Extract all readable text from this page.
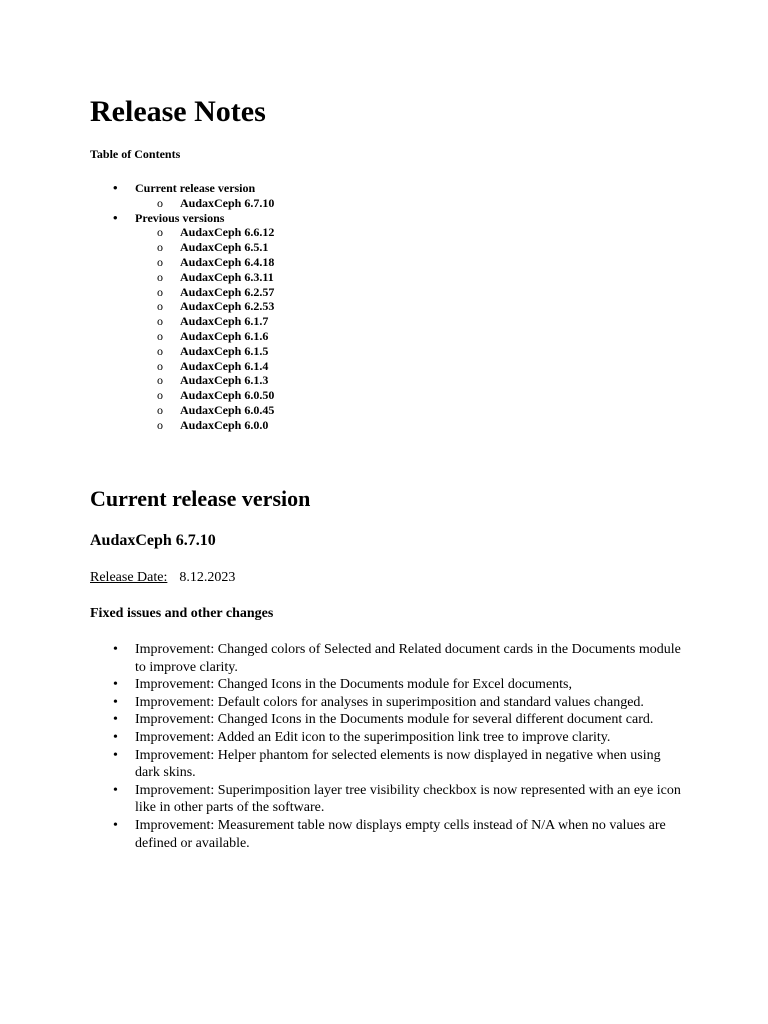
Release Notes

Table of Contents

• Current release version
o AudaxCeph 6.7.10
• Previous versions
o AudaxCeph 6.6.12
o AudaxCeph 6.5.1
o AudaxCeph 6.4.18
o AudaxCeph 6.3.11
o AudaxCeph 6.2.57
o AudaxCeph 6.2.53
o AudaxCeph 6.1.7
o AudaxCeph 6.1.6
o AudaxCeph 6.1.5
o AudaxCeph 6.1.4
o AudaxCeph 6.1.3
o AudaxCeph 6.0.50
o AudaxCeph 6.0.45
o AudaxCeph 6.0.0
Current release version
AudaxCeph 6.7.10

Release Date: 8.12.2023

Fixed issues and other changes

• Improvement: Changed colors of Selected and Related document cards in the Documents module to improve clarity.
• Improvement: Changed Icons in the Documents module for Excel documents,
• Improvement: Default colors for analyses in superimposition and standard values changed.
• Improvement: Changed Icons in the Documents module for several different document card.
• Improvement: Added an Edit icon to the superimposition link tree to improve clarity.
• Improvement: Helper phantom for selected elements is now displayed in negative when using dark skins.
• Improvement: Superimposition layer tree visibility checkbox is now represented with an eye icon like in other parts of the software.
• Improvement: Measurement table now displays empty cells instead of N/A when no values are defined or available.
